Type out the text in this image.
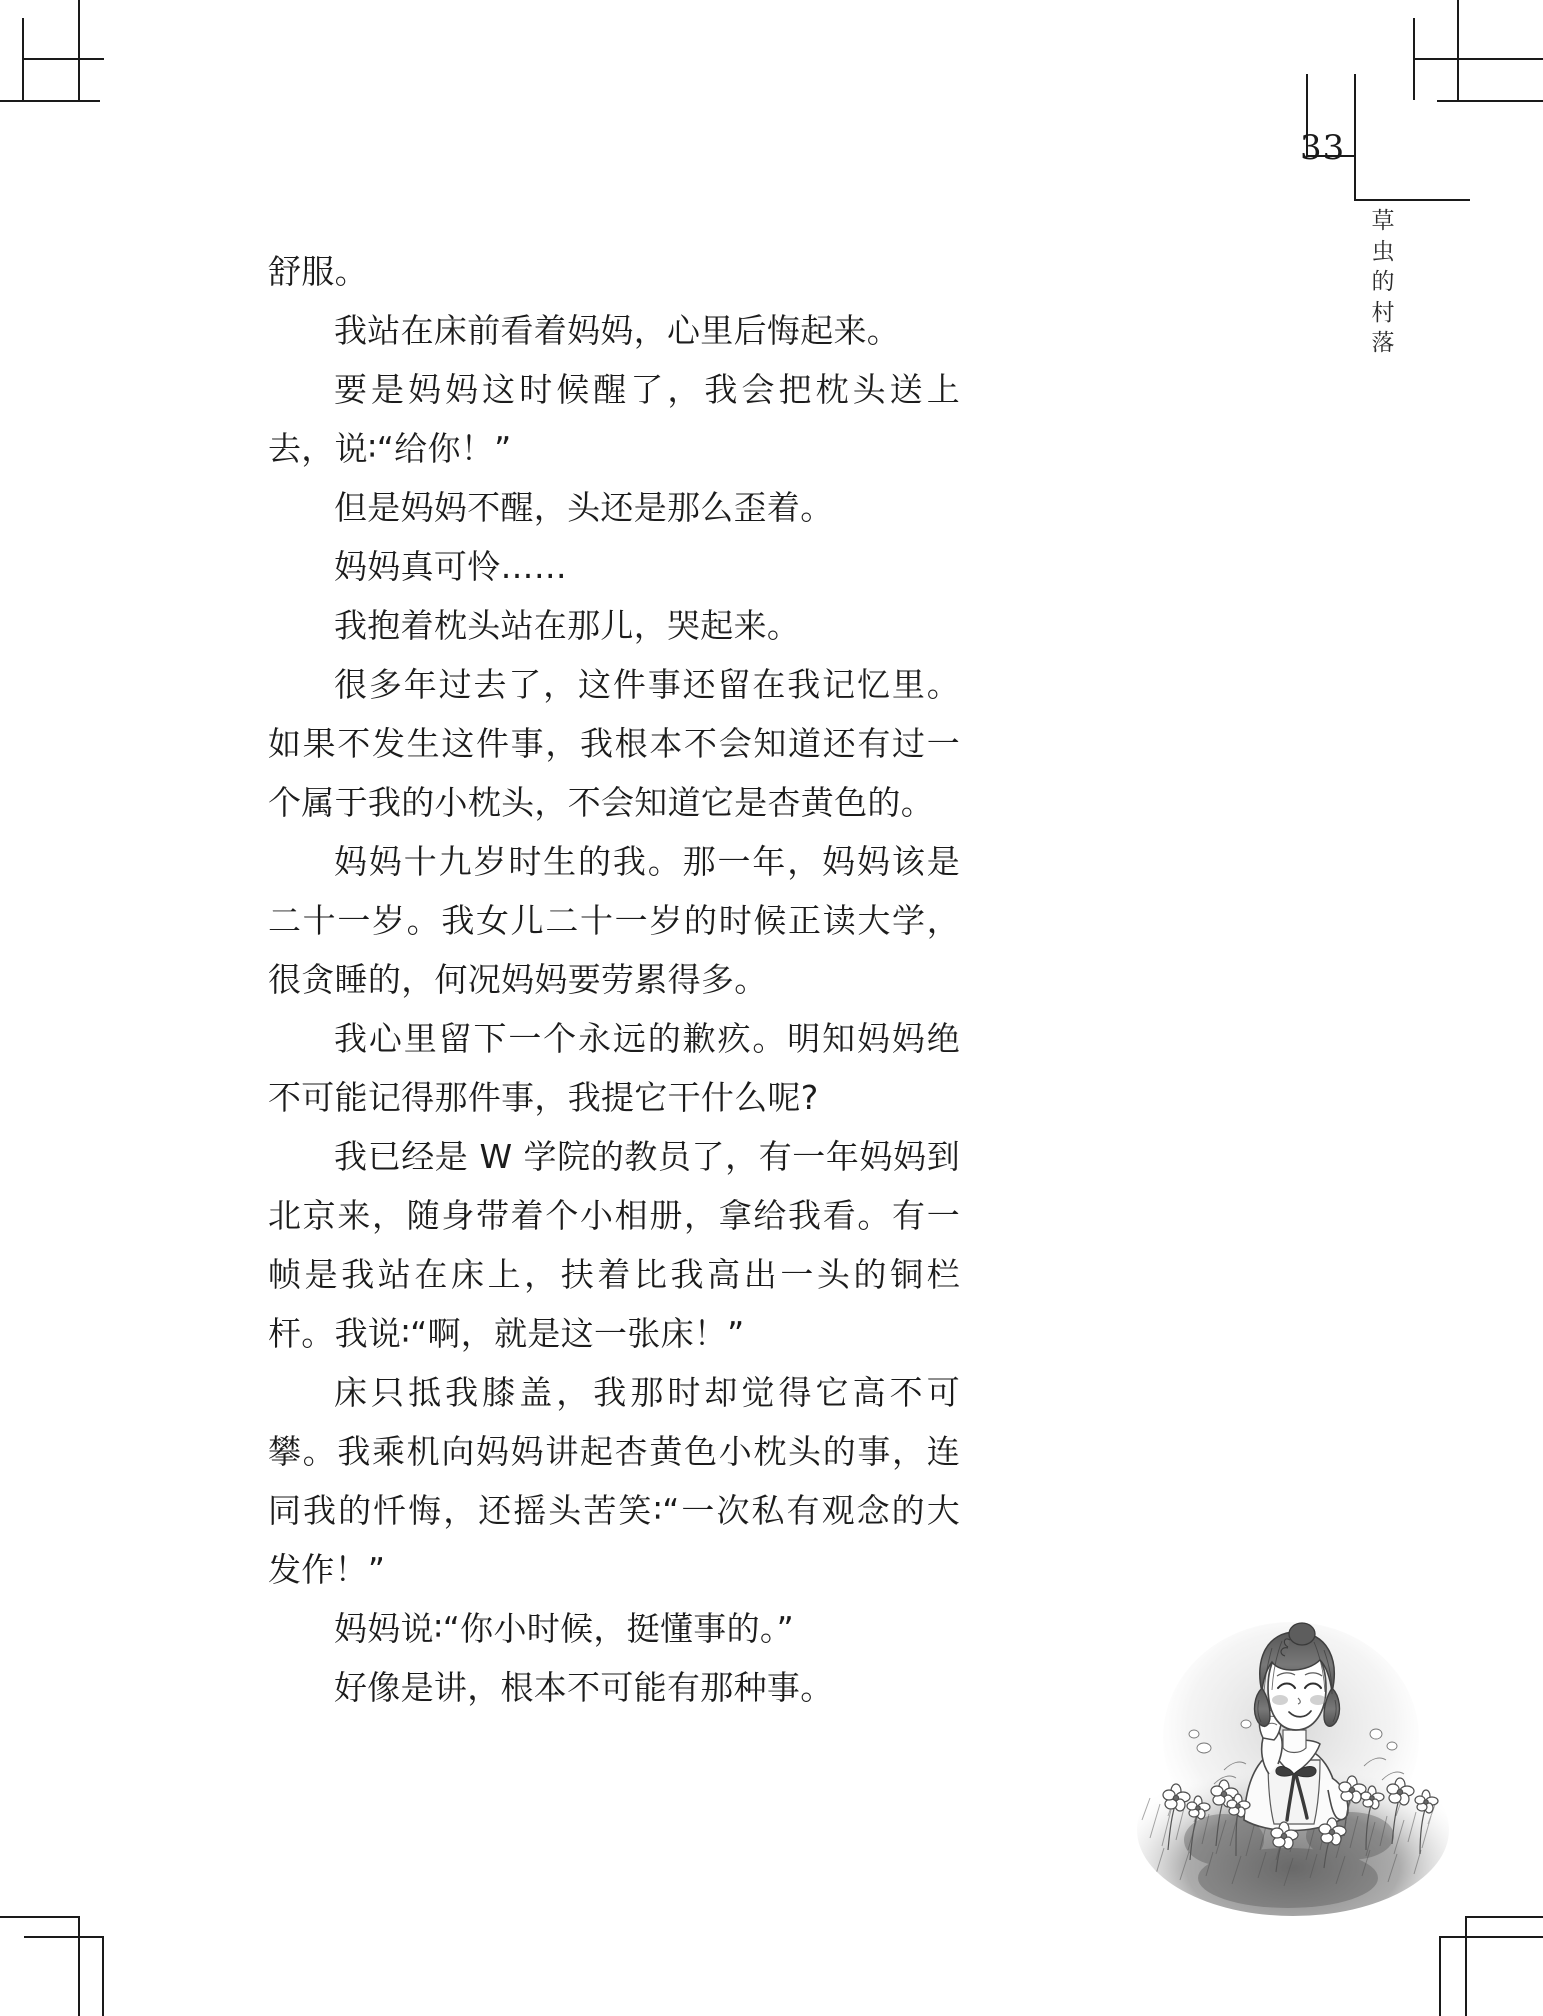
33
草
虫
的
村
落

舒服。

我站在床前看着妈妈，心里后悔起来。

要是妈妈这时候醒了，我会把枕头送上去，说∶“给你！”

但是妈妈不醒，头还是那么歪着。

妈妈真可怜……

我抱着枕头站在那儿，哭起来。

很多年过去了，这件事还留在我记忆里。如果不发生这件事，我根本不会知道还有过一个属于我的小枕头，不会知道它是杏黄色的。

妈妈十九岁时生的我。那一年，妈妈该是二十一岁。我女儿二十一岁的时候正读大学，很贪睡的，何况妈妈要劳累得多。

我心里留下一个永远的歉疚。明知妈妈绝不可能记得那件事，我提它干什么呢?

我已经是 W 学院的教员了，有一年妈妈到北京来，随身带着个小相册，拿给我看。有一帧是我站在床上，扶着比我高出一头的铜栏杆。我说∶“啊，就是这一张床！”

床只抵我膝盖，我那时却觉得它高不可攀。我乘机向妈妈讲起杏黄色小枕头的事，连同我的忏悔，还摇头苦笑∶“一次私有观念的大发作！”

妈妈说∶“你小时候，挺懂事的。”

好像是讲，根本不可能有那种事。
